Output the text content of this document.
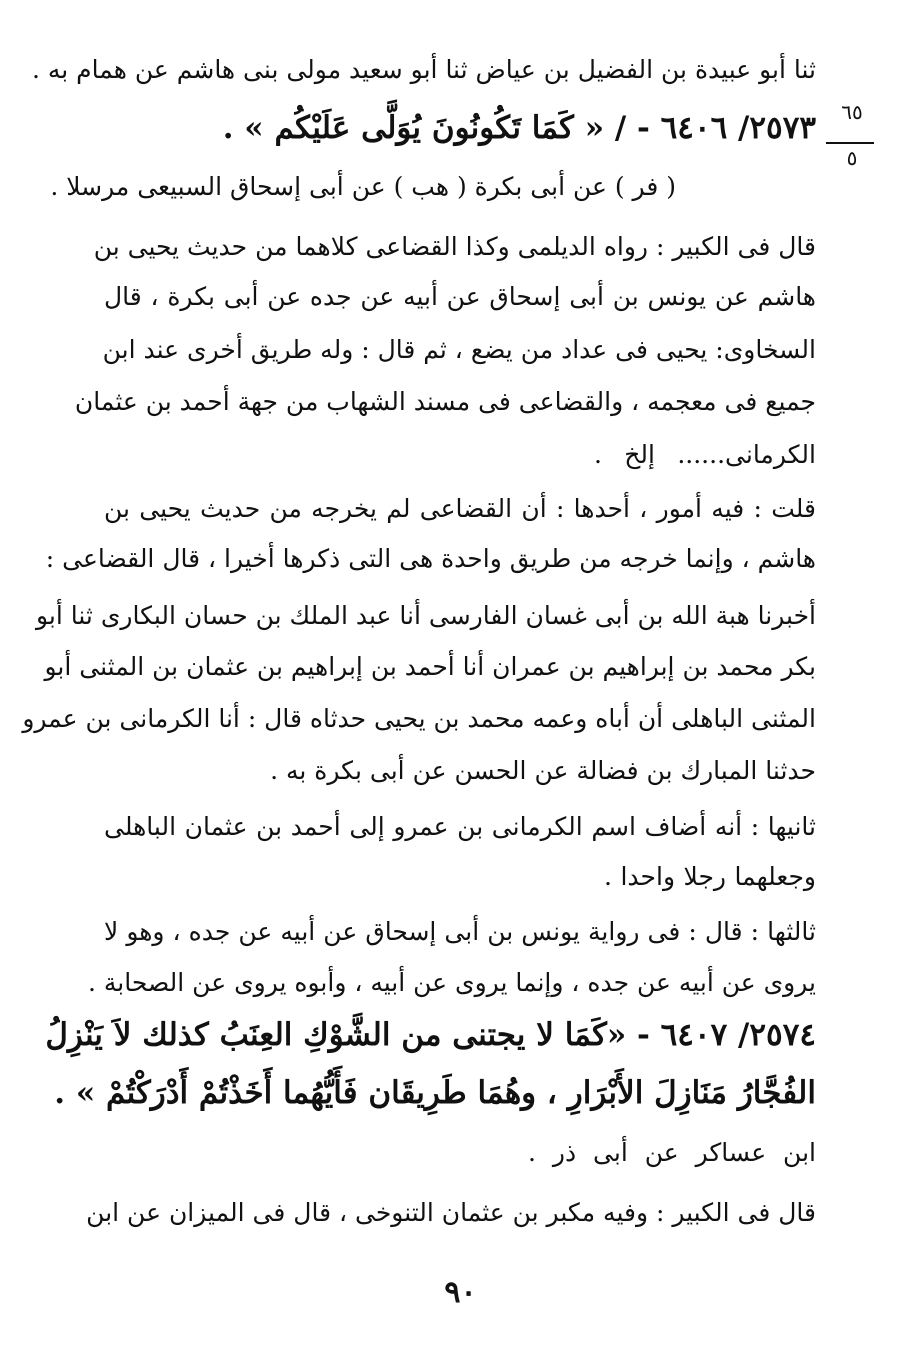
٦٥
٥
ثنا أبو عبيدة بن الفضيل بن عياض ثنا أبو سعيد مولى بنى هاشم عن همام به .
٢٥٧٣/ ٦٤٠٦ - / « كَمَا تَكُونُونَ يُوَلَّى عَلَيْكُم » .
( فر ) عن أبى بكرة ( هب ) عن أبى إسحاق السبيعى مرسلا .
قال فى الكبير : رواه الديلمى وكذا القضاعى كلاهما من حديث يحيى بن
هاشم عن يونس بن أبى إسحاق عن أبيه عن جده عن أبى بكرة ، قال
السخاوى: يحيى فى عداد من يضع ، ثم قال : وله طريق أخرى عند ابن
جميع فى معجمه ، والقضاعى فى مسند الشهاب من جهة أحمد بن عثمان
الكرمانى...... إلخ .
قلت : فيه أمور ، أحدها : أن القضاعى لم يخرجه من حديث يحيى بن
هاشم ، وإنما خرجه من طريق واحدة هى التى ذكرها أخيرا ، قال القضاعى :
أخبرنا هبة الله بن أبى غسان الفارسى أنا عبد الملك بن حسان البكارى ثنا أبو
بكر محمد بن إبراهيم بن عمران أنا أحمد بن إبراهيم بن عثمان بن المثنى أبو
المثنى الباهلى أن أباه وعمه محمد بن يحيى حدثاه قال : أنا الكرمانى بن عمرو
حدثنا المبارك بن فضالة عن الحسن عن أبى بكرة به .
ثانيها : أنه أضاف اسم الكرمانى بن عمرو إلى أحمد بن عثمان الباهلى
وجعلهما رجلا واحدا .
ثالثها : قال : فى رواية يونس بن أبى إسحاق عن أبيه عن جده ، وهو لا
يروى عن أبيه عن جده ، وإنما يروى عن أبيه ، وأبوه يروى عن الصحابة .
٢٥٧٤/ ٦٤٠٧ - «كَمَا لا يجتنى من الشَّوْكِ العِنَبُ كذلك لاَ يَنْزِلُ
الفُجَّارُ مَنَازِلَ الأَبْرَارِ ، وهُمَا طَرِيقَان فَأَيُّهُما أَخَذْتُمْ أَدْرَكْتُمْ » .
ابن عساكر عن أبى ذر .
قال فى الكبير : وفيه مكبر بن عثمان التنوخى ، قال فى الميزان عن ابن
٩٠
